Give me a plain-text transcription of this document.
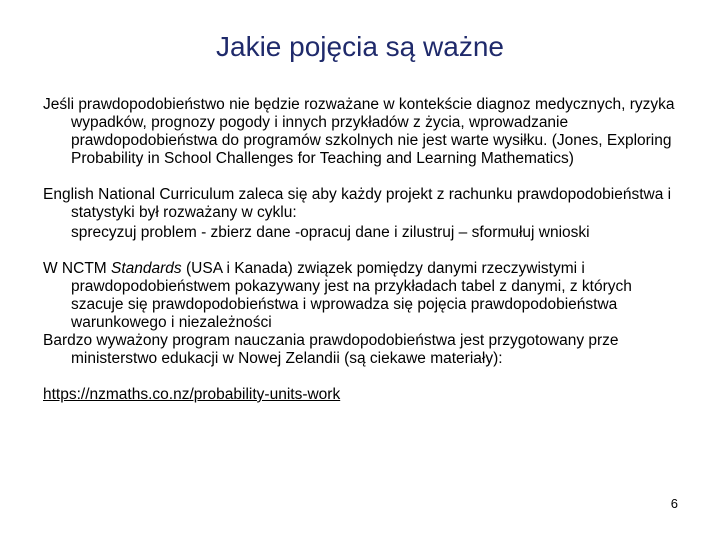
Jakie pojęcia są ważne

Jeśli prawdopodobieństwo nie będzie rozważane w kontekście diagnoz medycznych, ryzyka wypadków, prognozy pogody i innych przykładów z życia, wprowadzanie prawdopodobieństwa do programów szkolnych nie jest warte wysiłku. (Jones, Exploring Probability in School Challenges for Teaching and Learning Mathematics)

English National Curriculum zaleca się aby każdy projekt z rachunku prawdopodobieństwa i statystyki był rozważany w cyklu:

sprecyzuj problem - zbierz dane -opracuj dane i zilustruj – sformułuj wnioski

W NCTM Standards (USA i Kanada) związek pomiędzy danymi rzeczywistymi i prawdopodobieństwem pokazywany jest na przykładach tabel z danymi, z których szacuje się prawdopodobieństwa i wprowadza się pojęcia prawdopodobieństwa warunkowego i niezależności

Bardzo wyważony program nauczania prawdopodobieństwa jest przygotowany prze ministerstwo edukacji w Nowej Zelandii (są ciekawe materiały):

https://nzmaths.co.nz/probability-units-work

6
